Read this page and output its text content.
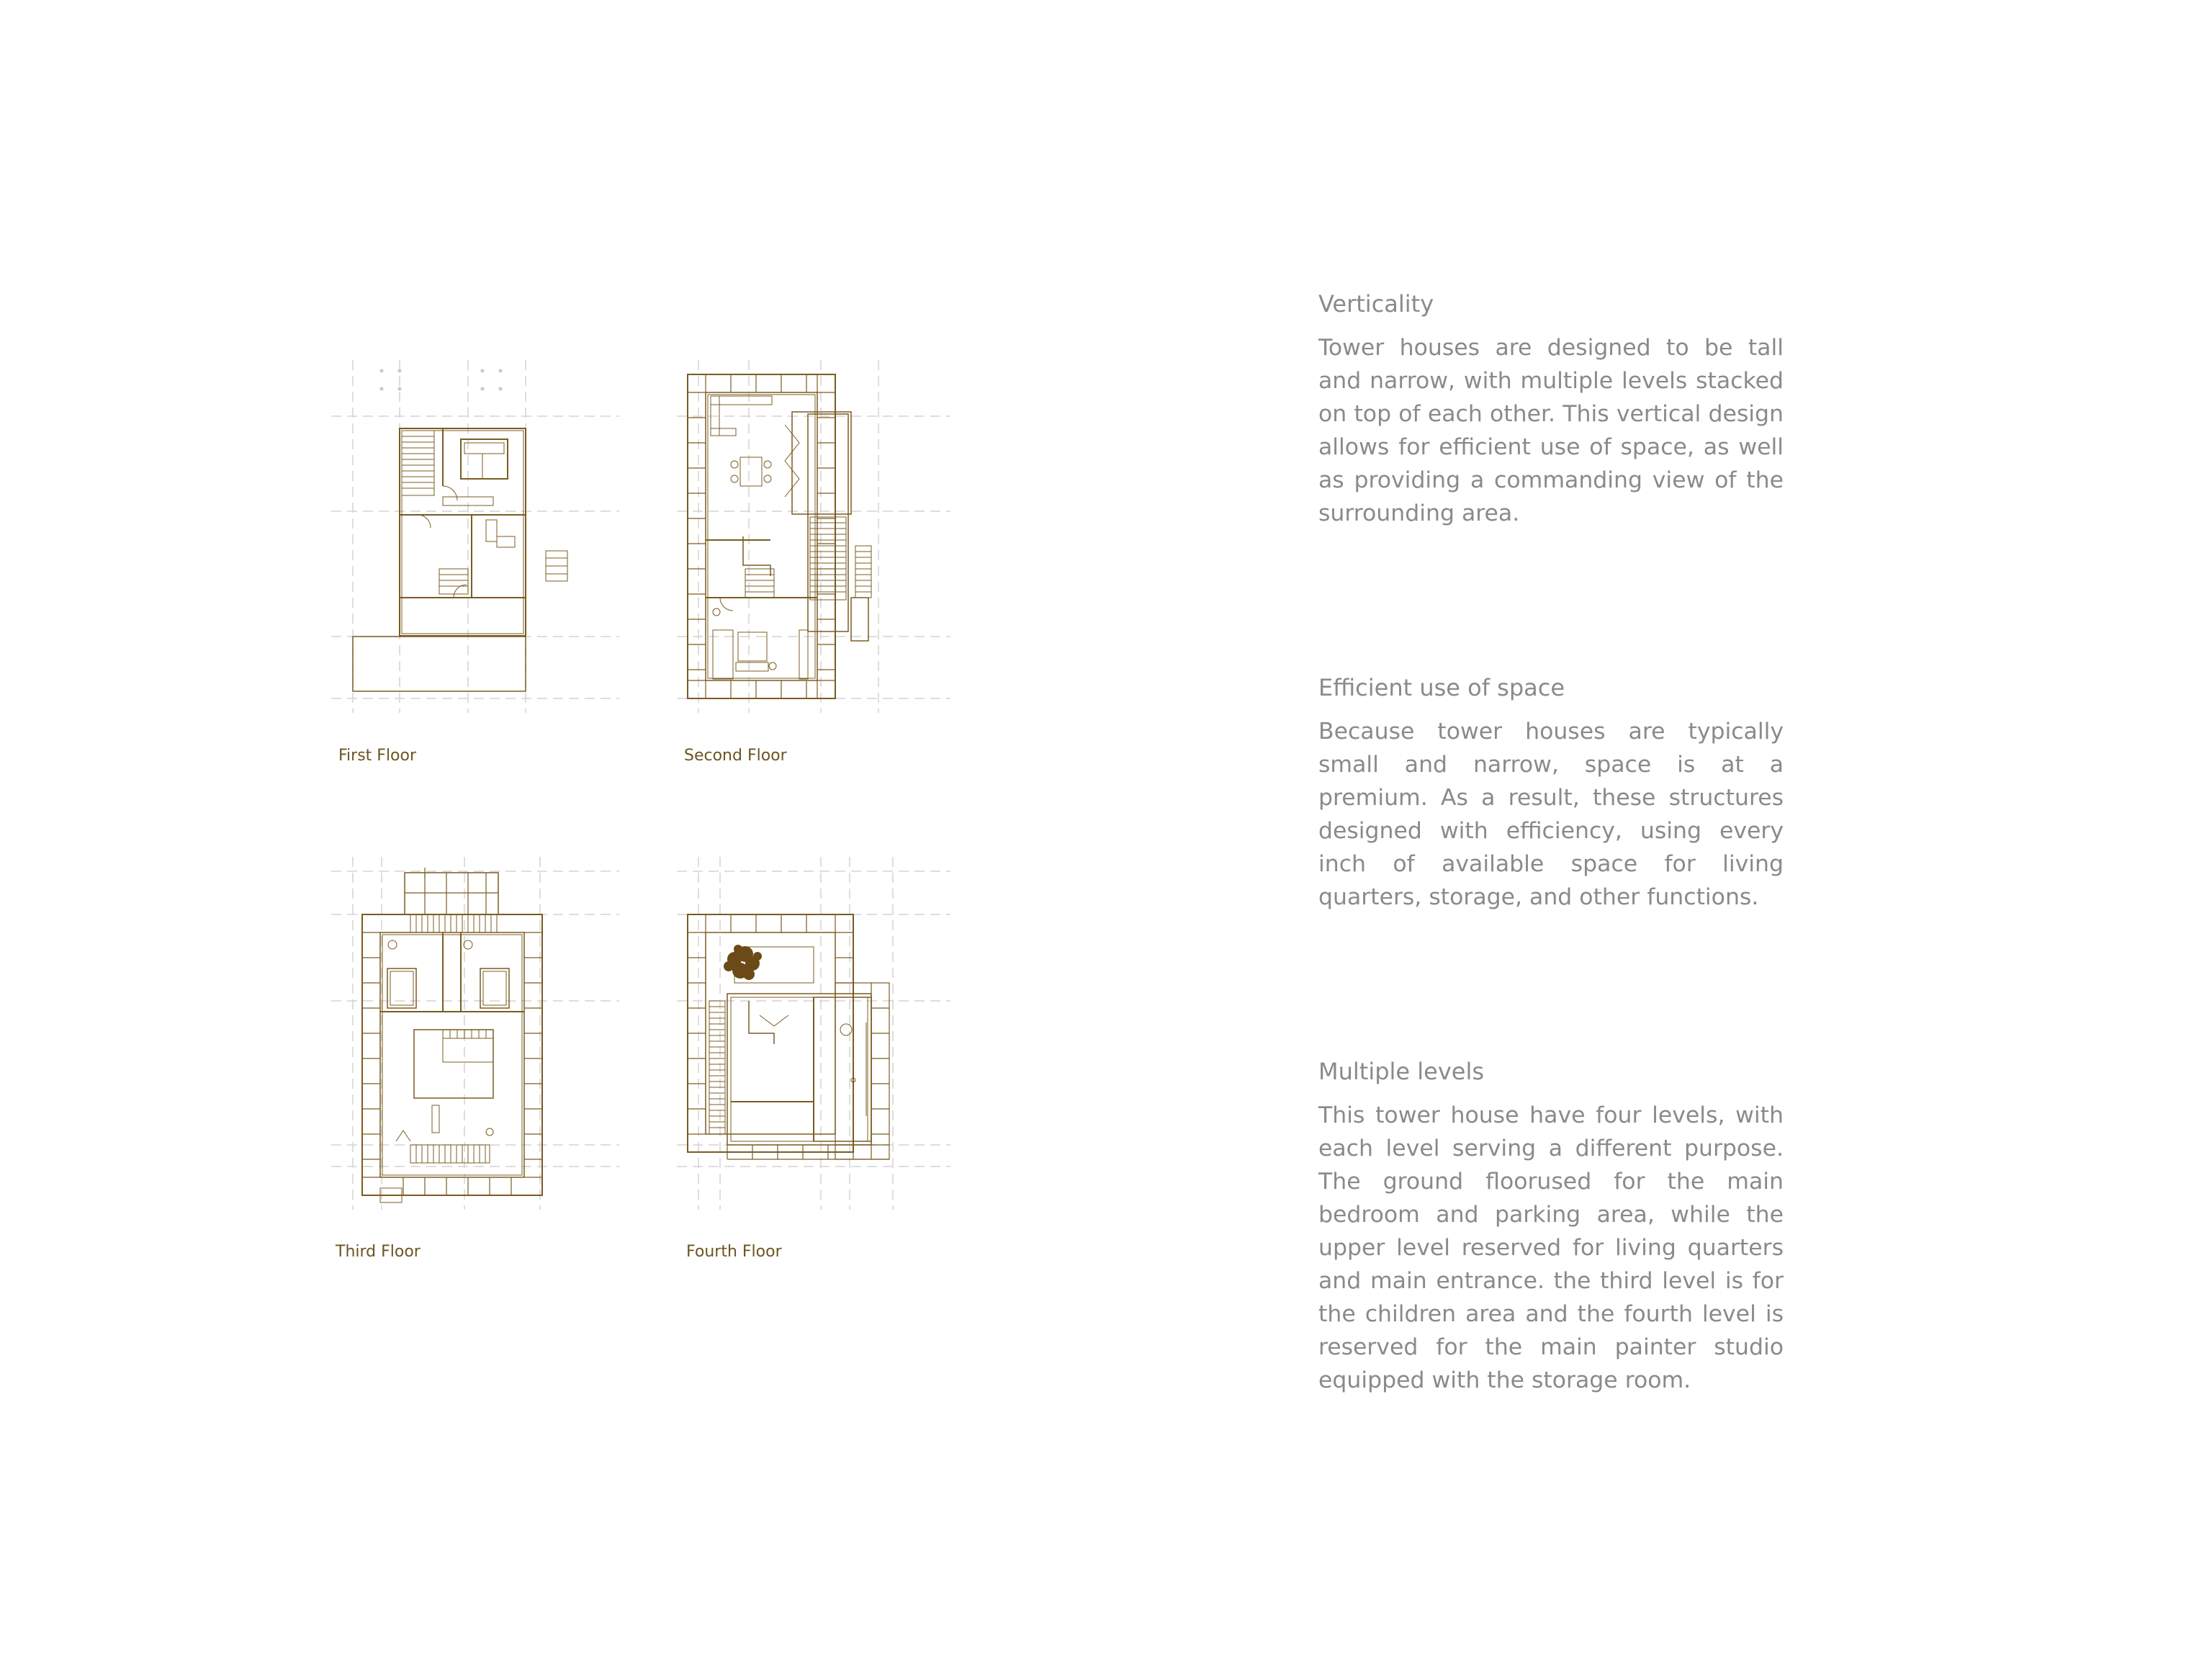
First Floor	Second Floor
Third Floor	Fourth Floor
Verticality

Tower houses are designed to be tall and narrow, with multiple levels stacked on top of each other. This vertical design allows for efficient use of space, as well as providing a commanding view of the surrounding area.

Efficient use of space

Because tower houses are typically small and narrow, space is at a premium. As a result, these structures designed with efficiency, using every inch of available space for living quarters, storage, and other functions.

Multiple levels

This tower house have four levels, with each level serving a different purpose. The ground floorused for the main bedroom and parking area, while the upper level reserved for living quarters and main entrance. the third level is for the children area and the fourth level is reserved for the main painter studio equipped with the storage room.
